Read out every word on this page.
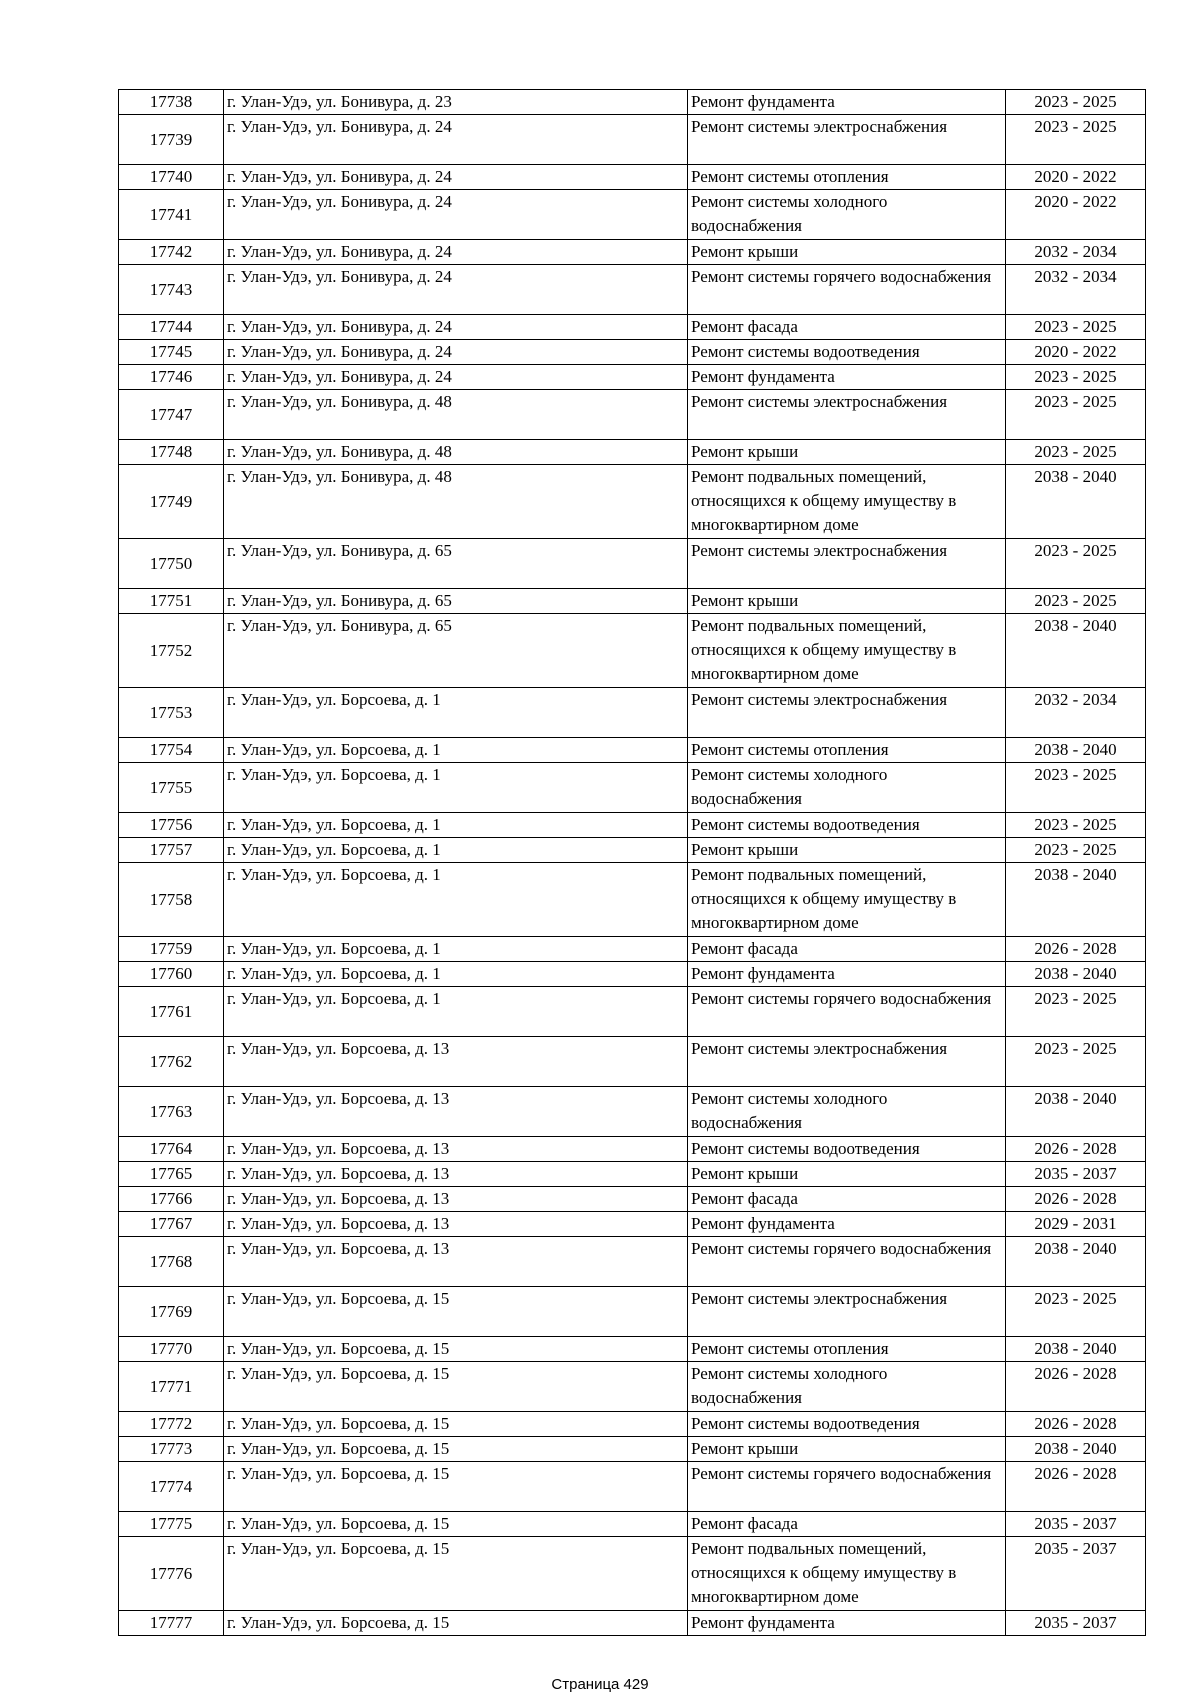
17738	г. Улан-Удэ, ул. Бонивура, д. 23	Ремонт фундамента	2023 - 2025
17739	г. Улан-Удэ, ул. Бонивура, д. 24	Ремонт системы электроснабжения	2023 - 2025
17740	г. Улан-Удэ, ул. Бонивура, д. 24	Ремонт системы отопления	2020 - 2022
17741	г. Улан-Удэ, ул. Бонивура, д. 24	Ремонт системы холодного водоснабжения	2020 - 2022
17742	г. Улан-Удэ, ул. Бонивура, д. 24	Ремонт крыши	2032 - 2034
17743	г. Улан-Удэ, ул. Бонивура, д. 24	Ремонт системы горячего водоснабжения	2032 - 2034
17744	г. Улан-Удэ, ул. Бонивура, д. 24	Ремонт фасада	2023 - 2025
17745	г. Улан-Удэ, ул. Бонивура, д. 24	Ремонт системы водоотведения	2020 - 2022
17746	г. Улан-Удэ, ул. Бонивура, д. 24	Ремонт фундамента	2023 - 2025
17747	г. Улан-Удэ, ул. Бонивура, д. 48	Ремонт системы электроснабжения	2023 - 2025
17748	г. Улан-Удэ, ул. Бонивура, д. 48	Ремонт крыши	2023 - 2025
17749	г. Улан-Удэ, ул. Бонивура, д. 48	Ремонт подвальных помещений, относящихся к общему имуществу в многоквартирном доме	2038 - 2040
17750	г. Улан-Удэ, ул. Бонивура, д. 65	Ремонт системы электроснабжения	2023 - 2025
17751	г. Улан-Удэ, ул. Бонивура, д. 65	Ремонт крыши	2023 - 2025
17752	г. Улан-Удэ, ул. Бонивура, д. 65	Ремонт подвальных помещений, относящихся к общему имуществу в многоквартирном доме	2038 - 2040
17753	г. Улан-Удэ, ул. Борсоева, д. 1	Ремонт системы электроснабжения	2032 - 2034
17754	г. Улан-Удэ, ул. Борсоева, д. 1	Ремонт системы отопления	2038 - 2040
17755	г. Улан-Удэ, ул. Борсоева, д. 1	Ремонт системы холодного водоснабжения	2023 - 2025
17756	г. Улан-Удэ, ул. Борсоева, д. 1	Ремонт системы водоотведения	2023 - 2025
17757	г. Улан-Удэ, ул. Борсоева, д. 1	Ремонт крыши	2023 - 2025
17758	г. Улан-Удэ, ул. Борсоева, д. 1	Ремонт подвальных помещений, относящихся к общему имуществу в многоквартирном доме	2038 - 2040
17759	г. Улан-Удэ, ул. Борсоева, д. 1	Ремонт фасада	2026 - 2028
17760	г. Улан-Удэ, ул. Борсоева, д. 1	Ремонт фундамента	2038 - 2040
17761	г. Улан-Удэ, ул. Борсоева, д. 1	Ремонт системы горячего водоснабжения	2023 - 2025
17762	г. Улан-Удэ, ул. Борсоева, д. 13	Ремонт системы электроснабжения	2023 - 2025
17763	г. Улан-Удэ, ул. Борсоева, д. 13	Ремонт системы холодного водоснабжения	2038 - 2040
17764	г. Улан-Удэ, ул. Борсоева, д. 13	Ремонт системы водоотведения	2026 - 2028
17765	г. Улан-Удэ, ул. Борсоева, д. 13	Ремонт крыши	2035 - 2037
17766	г. Улан-Удэ, ул. Борсоева, д. 13	Ремонт фасада	2026 - 2028
17767	г. Улан-Удэ, ул. Борсоева, д. 13	Ремонт фундамента	2029 - 2031
17768	г. Улан-Удэ, ул. Борсоева, д. 13	Ремонт системы горячего водоснабжения	2038 - 2040
17769	г. Улан-Удэ, ул. Борсоева, д. 15	Ремонт системы электроснабжения	2023 - 2025
17770	г. Улан-Удэ, ул. Борсоева, д. 15	Ремонт системы отопления	2038 - 2040
17771	г. Улан-Удэ, ул. Борсоева, д. 15	Ремонт системы холодного водоснабжения	2026 - 2028
17772	г. Улан-Удэ, ул. Борсоева, д. 15	Ремонт системы водоотведения	2026 - 2028
17773	г. Улан-Удэ, ул. Борсоева, д. 15	Ремонт крыши	2038 - 2040
17774	г. Улан-Удэ, ул. Борсоева, д. 15	Ремонт системы горячего водоснабжения	2026 - 2028
17775	г. Улан-Удэ, ул. Борсоева, д. 15	Ремонт фасада	2035 - 2037
17776	г. Улан-Удэ, ул. Борсоева, д. 15	Ремонт подвальных помещений, относящихся к общему имуществу в многоквартирном доме	2035 - 2037
17777	г. Улан-Удэ, ул. Борсоева, д. 15	Ремонт фундамента	2035 - 2037
Страница 429
